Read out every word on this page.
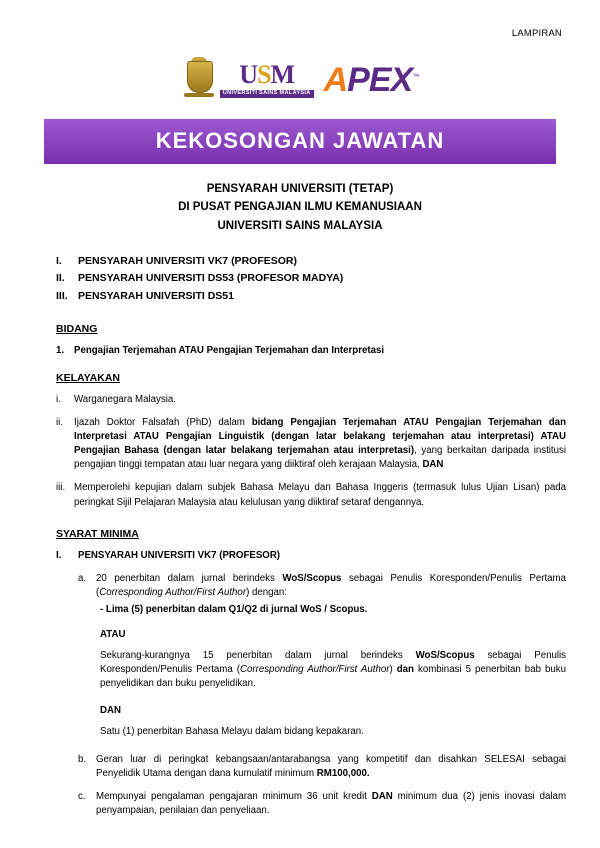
LAMPIRAN
USM
UNIVERSITI SAINS MALAYSIA APEX™
KEKOSONGAN JAWATAN
PENSYARAH UNIVERSITI (TETAP)
DI PUSAT PENGAJIAN ILMU KEMANUSIAAN
UNIVERSITI SAINS MALAYSIA
I.	PENSYARAH UNIVERSITI VK7 (PROFESOR)
II.	PENSYARAH UNIVERSITI DS53 (PROFESOR MADYA)
III. PENSYARAH UNIVERSITI DS51
BIDANG
1.	Pengajian Terjemahan ATAU Pengajian Terjemahan dan Interpretasi
KELAYAKAN
i.	Warganegara Malaysia.
ii.	Ijazah Doktor Falsafah (PhD) dalam bidang Pengajian Terjemahan ATAU Pengajian Terjemahan dan Interpretasi ATAU Pengajian Linguistik (dengan latar belakang terjemahan atau interpretasi) ATAU Pengajian Bahasa (dengan latar belakang terjemahan atau interpretasi), yang berkaitan daripada institusi pengajian tinggi tempatan atau luar negara yang diiktiraf oleh kerajaan Malaysia, DAN
iii. Memperolehi kepujian dalam subjek Bahasa Melayu dan Bahasa Inggeris (termasuk lulus Ujian Lisan) pada peringkat Sijil Pelajaran Malaysia atau kelulusan yang diiktiraf setaraf dengannya.
SYARAT MINIMA
I.	PENSYARAH UNIVERSITI VK7 (PROFESOR)
a.	20 penerbitan dalam jurnal berindeks WoS/Scopus sebagai Penulis Koresponden/Penulis Pertama (Corresponding Author/First Author) dengan:
- Lima (5) penerbitan dalam Q1/Q2 di jurnal WoS / Scopus.
ATAU
Sekurang-kurangnya 15 penerbitan dalam jurnal berindeks WoS/Scopus sebagai Penulis Koresponden/Penulis Pertama (Corresponding Author/First Author) dan kombinasi 5 penerbitan bab buku penyelidikan dan buku penyelidikan.
DAN
Satu (1) penerbitan Bahasa Melayu dalam bidang kepakaran.
b.	Geran luar di peringkat kebangsaan/antarabangsa yang kompetitif dan disahkan SELESAI sebagai Penyelidik Utama dengan dana kumulatif minimum RM100,000.
c.	Mempunyai pengalaman pengajaran minimum 36 unit kredit DAN minimum dua (2) jenis inovasi dalam penyampaian, penilaian dan penyeliaan.
